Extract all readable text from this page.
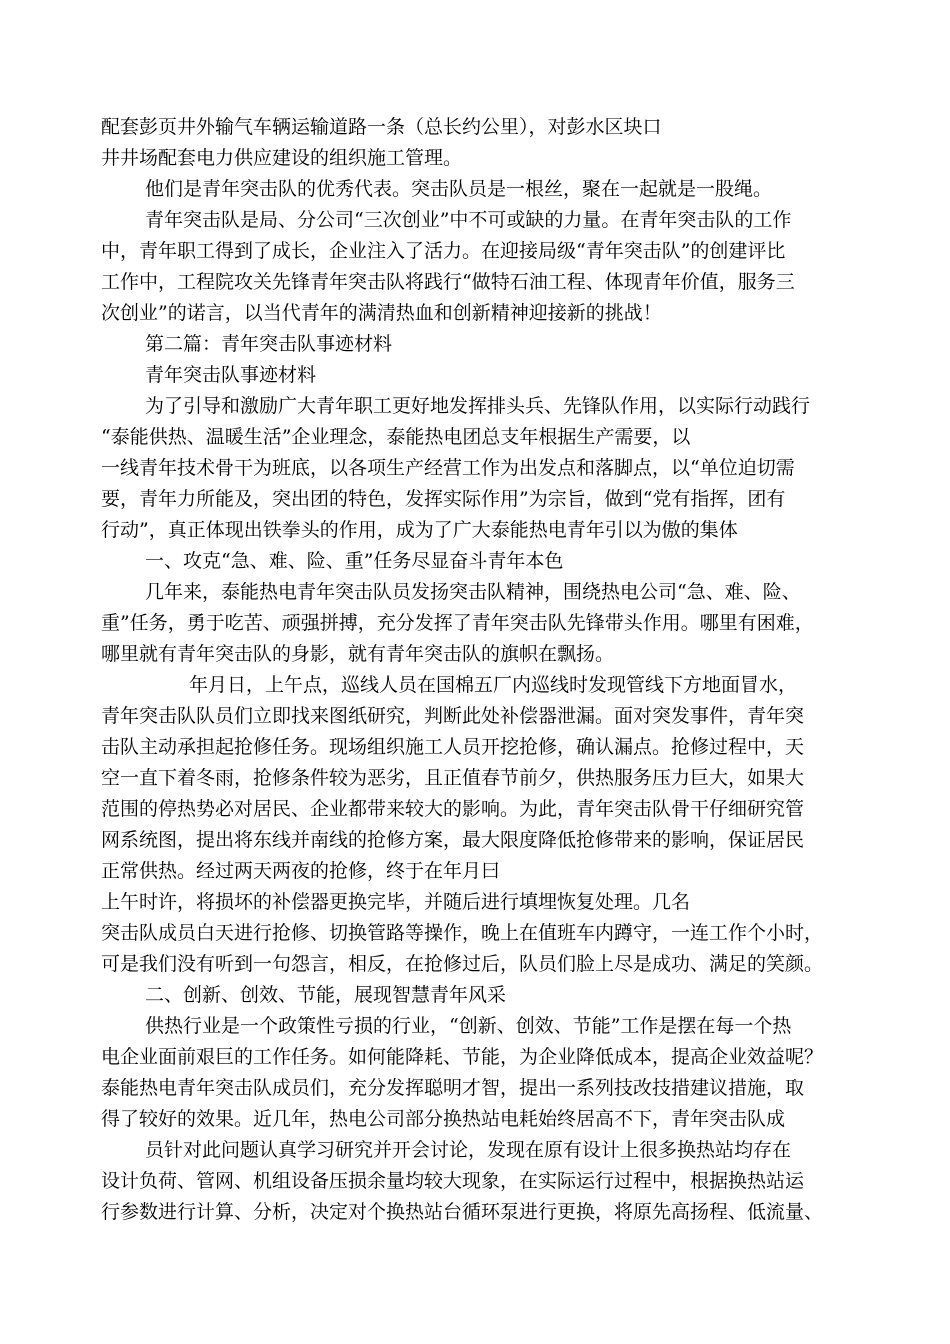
配套彭页井外输气车辆运输道路一条（总长约公里），对彭水区块口
井井场配套电力供应建设的组织施工管理。
他们是青年突击队的优秀代表。突击队员是一根丝，聚在一起就是一股绳。
青年突击队是局、分公司“三次创业”中不可或缺的力量。在青年突击队的工作
中，青年职工得到了成长，企业注入了活力。在迎接局级“青年突击队”的创建评比
工作中，工程院攻关先锋青年突击队将践行“做特石油工程、体现青年价值，服务三
次创业”的诺言，以当代青年的满清热血和创新精神迎接新的挑战！
第二篇：青年突击队事迹材料
青年突击队事迹材料
为了引导和激励广大青年职工更好地发挥排头兵、先锋队作用，以实际行动践行
“泰能供热、温暖生活”企业理念，泰能热电团总支年根据生产需要，以
一线青年技术骨干为班底，以各项生产经营工作为出发点和落脚点，以“单位迫切需
要，青年力所能及，突出团的特色，发挥实际作用”为宗旨，做到“党有指挥，团有
行动”，真正体现出铁拳头的作用，成为了广大泰能热电青年引以为傲的集体
一、攻克“急、难、险、重”任务尽显奋斗青年本色
几年来，泰能热电青年突击队员发扬突击队精神，围绕热电公司“急、难、险、
重”任务，勇于吃苦、顽强拼搏，充分发挥了青年突击队先锋带头作用。哪里有困难，
哪里就有青年突击队的身影，就有青年突击队的旗帜在飘扬。
年月日，上午点，巡线人员在国棉五厂内巡线时发现管线下方地面冒水，
青年突击队队员们立即找来图纸研究，判断此处补偿器泄漏。面对突发事件，青年突
击队主动承担起抢修任务。现场组织施工人员开挖抢修，确认漏点。抢修过程中，天
空一直下着冬雨，抢修条件较为恶劣，且正值春节前夕，供热服务压力巨大，如果大
范围的停热势必对居民、企业都带来较大的影响。为此，青年突击队骨干仔细研究管
网系统图，提出将东线并南线的抢修方案，最大限度降低抢修带来的影响，保证居民
正常供热。经过两天两夜的抢修，终于在年月曰
上午时许，将损坏的补偿器更换完毕，并随后进行填埋恢复处理。几名
突击队成员白天进行抢修、切换管路等操作，晚上在值班车内蹲守，一连工作个小时，
可是我们没有听到一句怨言，相反，在抢修过后，队员们脸上尽是成功、满足的笑颜。
二、创新、创效、节能，展现智慧青年风采
供热行业是一个政策性亏损的行业，“创新、创效、节能”工作是摆在每一个热
电企业面前艰巨的工作任务。如何能降耗、节能，为企业降低成本，提高企业效益呢？
泰能热电青年突击队成员们，充分发挥聪明才智，提出一系列技改技措建议措施，取
得了较好的效果。近几年，热电公司部分换热站电耗始终居高不下，青年突击队成
员针对此问题认真学习研究并开会讨论，发现在原有设计上很多换热站均存在
设计负荷、管网、机组设备压损余量均较大现象，在实际运行过程中，根据换热站运
行参数进行计算、分析，决定对个换热站台循环泵进行更换，将原先高扬程、低流量、
